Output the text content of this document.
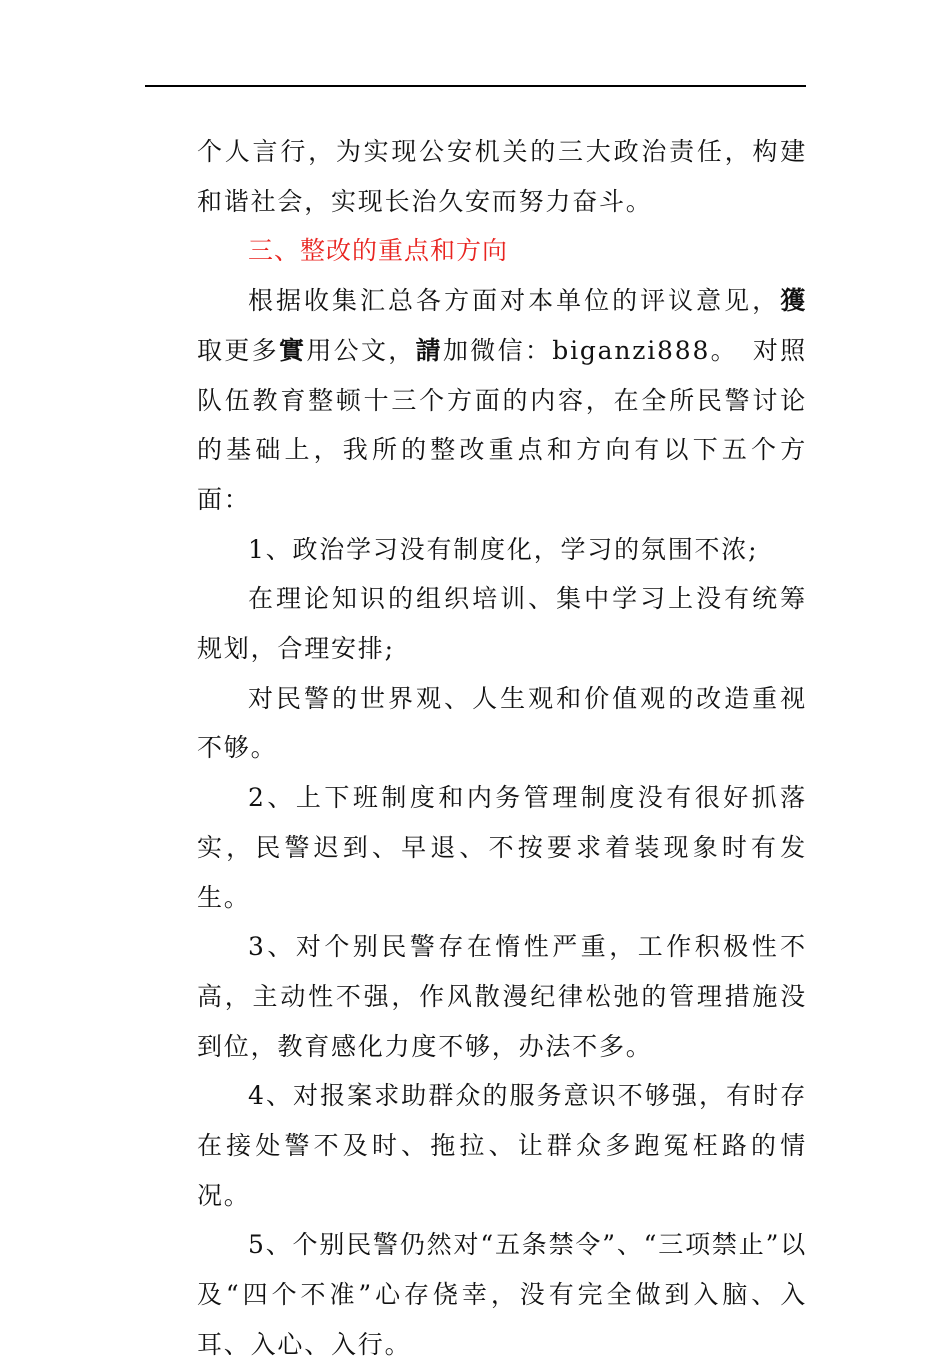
个人言行，为实现公安机关的三大政治责任，构建和谐社会，实现长治久安而努力奋斗。

三、整改的重点和方向

根据收集汇总各方面对本单位的评议意见，獲取更多實用公文，請加微信：biganzi888。　对照队伍教育整顿十三个方面的内容，在全所民警讨论的基础上，我所的整改重点和方向有以下五个方面：

1、政治学习没有制度化，学习的氛围不浓;

在理论知识的组织培训、集中学习上没有统筹规划，合理安排;

对民警的世界观、人生观和价值观的改造重视不够。

2、上下班制度和内务管理制度没有很好抓落实，民警迟到、早退、不按要求着装现象时有发生。

3、对个别民警存在惰性严重，工作积极性不高，主动性不强，作风散漫纪律松弛的管理措施没到位，教育感化力度不够，办法不多。

4、对报案求助群众的服务意识不够强，有时存在接处警不及时、拖拉、让群众多跑冤枉路的情况。

5、个别民警仍然对“五条禁令”、“三项禁止”以及“四个不准”心存侥幸，没有完全做到入脑、入耳、入心、入行。
